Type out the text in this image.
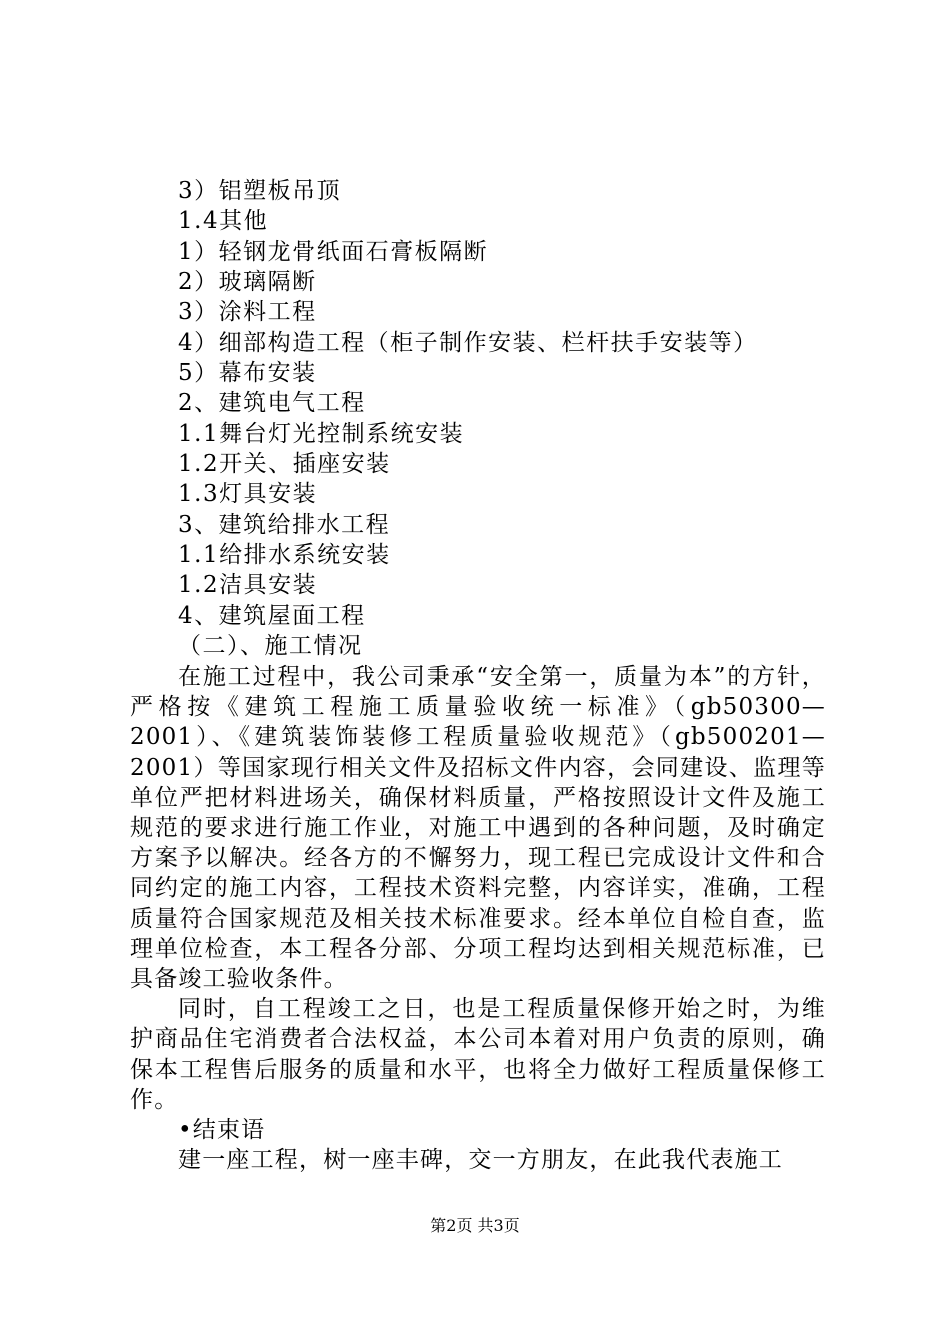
3）铝塑板吊顶
1.4其他
1）轻钢龙骨纸面石膏板隔断
2）玻璃隔断
3）涂料工程
4）细部构造工程（柜子制作安装、栏杆扶手安装等）
5）幕布安装
2、建筑电气工程
1.1舞台灯光控制系统安装
1.2开关、插座安装
1.3灯具安装
3、建筑给排水工程
1.1给排水系统安装
1.2洁具安装
4、建筑屋面工程
（二）、施工情况

在施工过程中，我公司秉承“安全第一，质量为本”的方针，严格按《建筑工程施工质量验收统一标准》（gb50300—2001）、《建筑装饰装修工程质量验收规范》（gb500201—2001）等国家现行相关文件及招标文件内容，会同建设、监理等单位严把材料进场关，确保材料质量，严格按照设计文件及施工规范的要求进行施工作业，对施工中遇到的各种问题，及时确定方案予以解决。经各方的不懈努力，现工程已完成设计文件和合同约定的施工内容，工程技术资料完整，内容详实，准确，工程质量符合国家规范及相关技术标准要求。经本单位自检自查，监理单位检查，本工程各分部、分项工程均达到相关规范标准，已具备竣工验收条件。

同时，自工程竣工之日，也是工程质量保修开始之时，为维护商品住宅消费者合法权益，本公司本着对用户负责的原则，确保本工程售后服务的质量和水平，也将全力做好工程质量保修工作。

•结束语

建一座工程，树一座丰碑，交一方朋友，在此我代表施工

第2页 共3页
